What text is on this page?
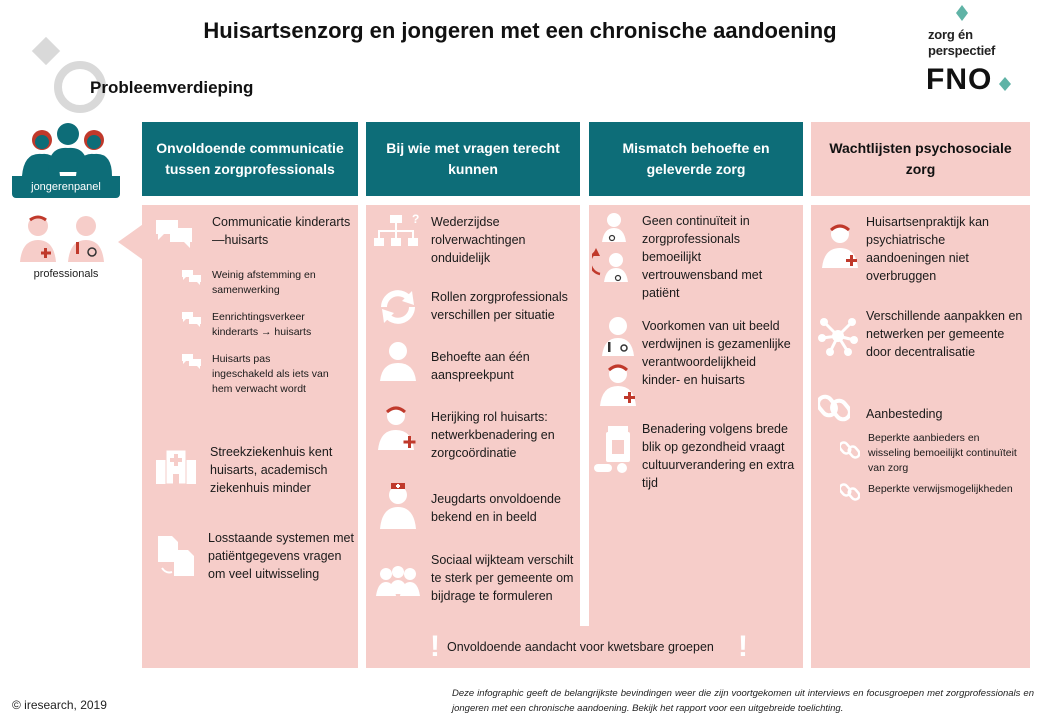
Huisartsenzorg en jongeren met een chronische aandoening
Probleemverdieping
zorg én
perspectief
FNO
jongerenpanel
professionals
Onvoldoende communicatie tussen zorgprofessionals
Bij wie met vragen terecht kunnen
Mismatch behoefte en geleverde zorg
Wachtlijsten psychosociale zorg
Communicatie kinderarts—huisarts
Weinig afstemming en samenwerking
Eenrichtingsverkeer kinderarts → huisarts
Huisarts pas ingeschakeld als iets van hem verwacht wordt
Streekziekenhuis kent huisarts, academisch ziekenhuis minder
Losstaande systemen met patiëntgegevens vragen om veel uitwisseling
? Wederzijdse rolverwachtingen onduidelijk
Rollen zorgprofessionals verschillen per situatie
Behoefte aan één aanspreekpunt
Herijking rol huisarts: netwerkbenadering en zorgcoördinatie
Jeugdarts onvoldoende bekend en in beeld
Sociaal wijkteam verschilt te sterk per gemeente om bijdrage te formuleren
Geen continuïteit in zorgprofessionals bemoeilijkt vertrouwensband met patiënt
Voorkomen van uit beeld verdwijnen is gezamenlijke verantwoordelijkheid kinder- en huisarts
Benadering volgens brede blik op gezondheid vraagt cultuurverandering en extra tijd
Huisartsenpraktijk kan psychiatrische aandoeningen niet overbruggen
Verschillende aanpakken en netwerken per gemeente door decentralisatie
Aanbesteding
Beperkte aanbieders en wisseling bemoeilijkt continuïteit van zorg
Beperkte verwijsmogelijkheden
! Onvoldoende aandacht voor kwetsbare groepen !
© iresearch, 2019
Deze infographic geeft de belangrijkste bevindingen weer die zijn voortgekomen uit interviews en focusgroepen met zorgprofessionals en jongeren met een chronische aandoening. Bekijk het rapport voor een uitgebreide toelichting.
